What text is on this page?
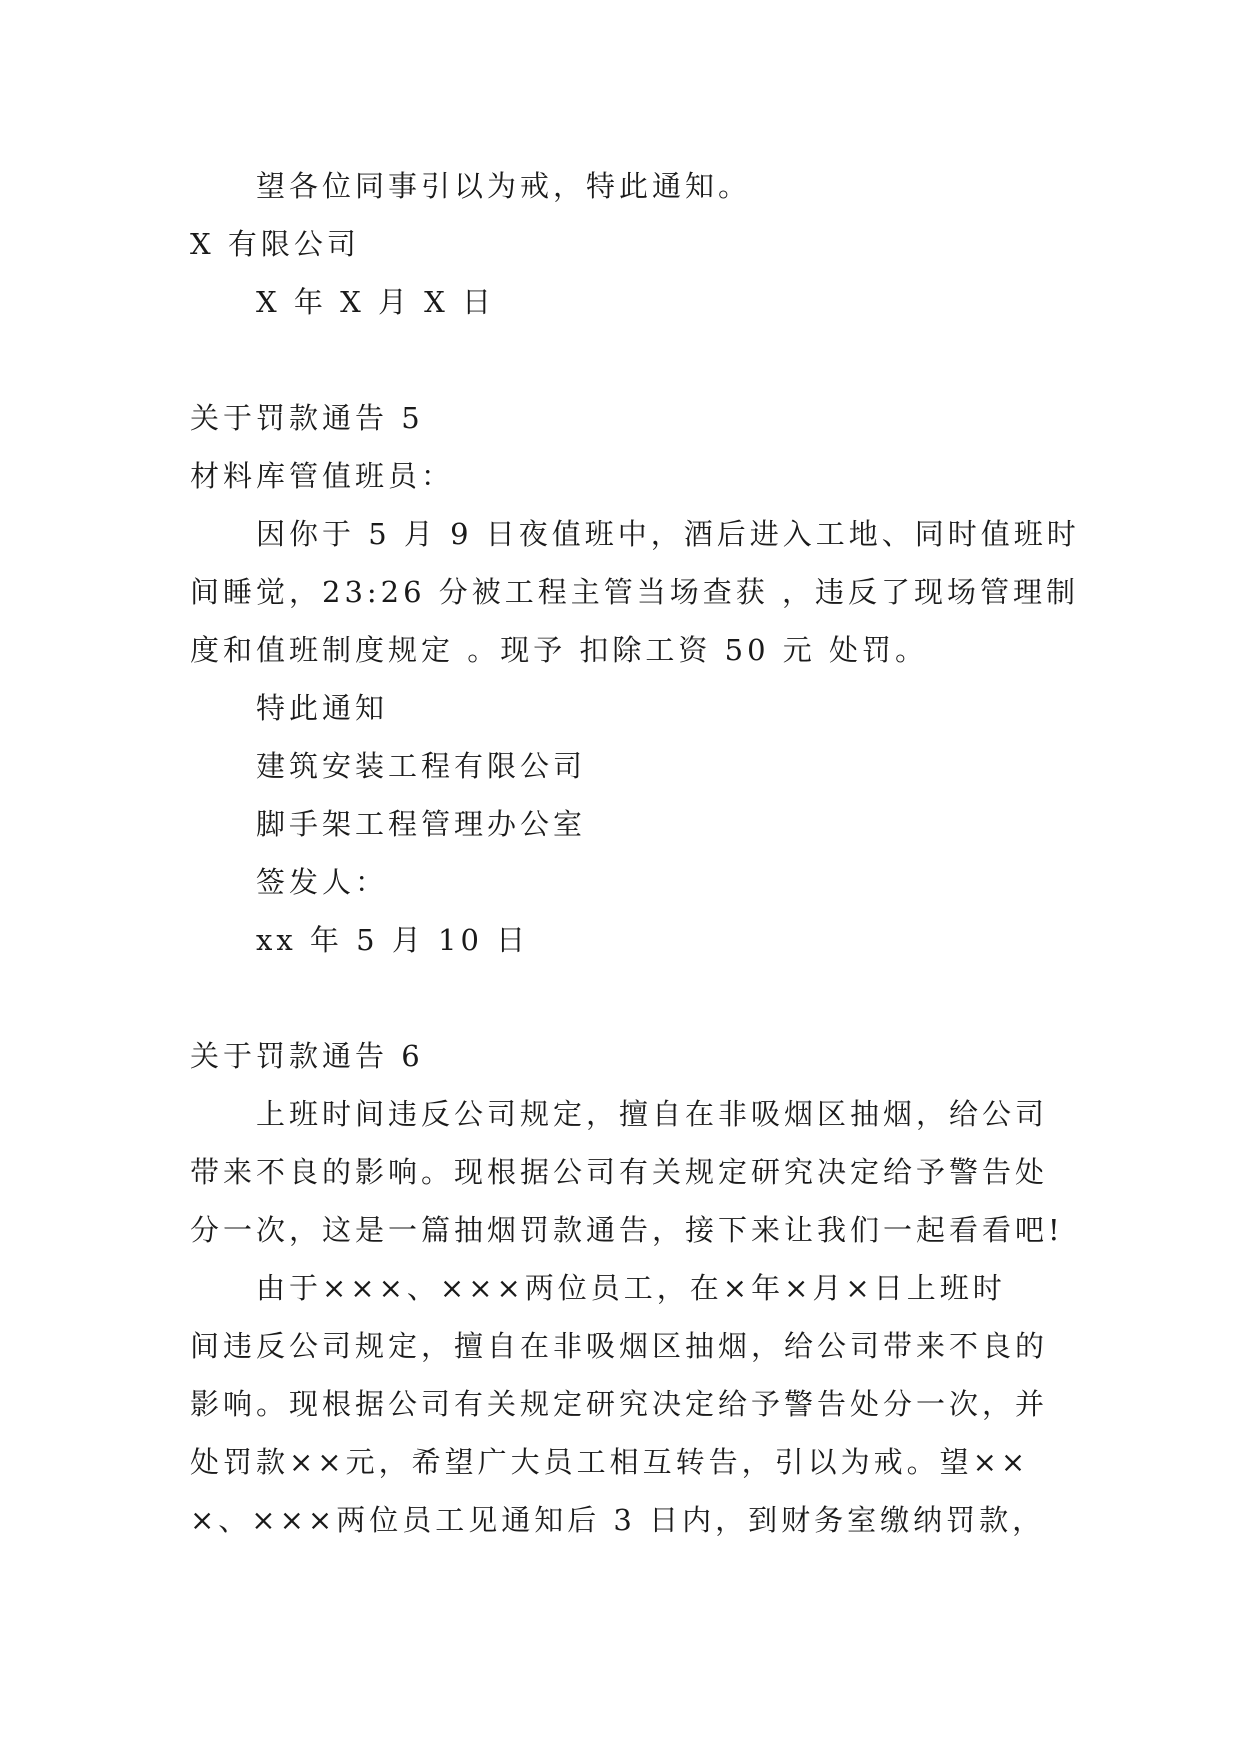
望各位同事引以为戒，特此通知。
X 有限公司
X 年 X 月 X 日
关于罚款通告 5
材料库管值班员：
因你于 5 月 9 日夜值班中，酒后进入工地、同时值班时
间睡觉，23:26 分被工程主管当场查获 ，违反了现场管理制
度和值班制度规定 。现予 扣除工资 50 元 处罚。
特此通知
建筑安装工程有限公司
脚手架工程管理办公室
签发人：
xx 年 5 月 10 日
关于罚款通告 6
上班时间违反公司规定，擅自在非吸烟区抽烟，给公司
带来不良的影响。现根据公司有关规定研究决定给予警告处
分一次，这是一篇抽烟罚款通告，接下来让我们一起看看吧!
由于×××、×××两位员工，在×年×月×日上班时
间违反公司规定，擅自在非吸烟区抽烟，给公司带来不良的
影响。现根据公司有关规定研究决定给予警告处分一次，并
处罚款××元，希望广大员工相互转告，引以为戒。望××
×、×××两位员工见通知后 3 日内，到财务室缴纳罚款，
